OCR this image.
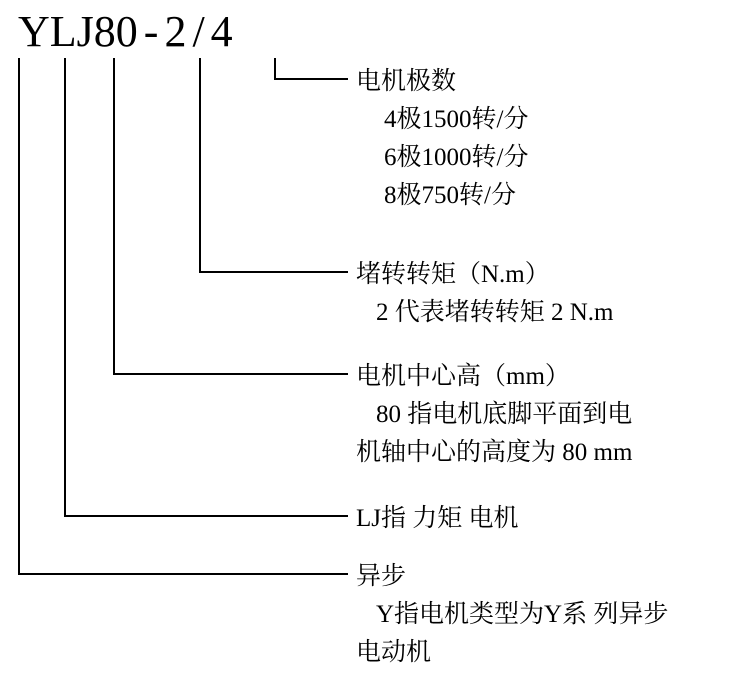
YLJ80 - 2 / 4
电机极数
4极1500转/分
6极1000转/分
8极750转/分
堵转转矩（N.m）
2 代表堵转转矩 2 N.m
电机中心高（mm）
80 指电机底脚平面到电
机轴中心的高度为 80 mm
LJ指 力矩 电机
异步
Y指电机类型为Y系 列异步
电动机
